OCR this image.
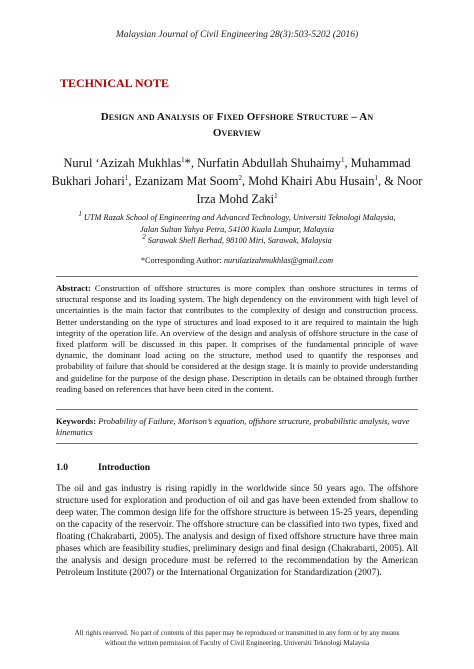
Malaysian Journal of Civil Engineering 28(3):503-5202 (2016)
TECHNICAL NOTE
Design and Analysis of Fixed Offshore Structure – An
Overview
Nurul ‘Azizah Mukhlas$^1$*, Nurfatin Abdullah Shuhaimy$^1$, Muhammad Bukhari Johari$^1$, Ezanizam Mat Soom$^2$, Mohd Khairi Abu Husain$^1$, & Noor Irza Mohd Zaki$^1$
$^1$ UTM Razak School of Engineering and Advanced Technology, Universiti Teknologi Malaysia,
Jalan Sultan Yahya Petra, 54100 Kuala Lumpur, Malaysia
$^2$ Sarawak Shell Berhad, 98100 Miri, Sarawak, Malaysia
*Corresponding Author: nurulazizahmukhlas@gmail.com

Abstract: Construction of offshore structures is more complex than onshore structures in terms of structural response and its loading system. The high dependency on the environment with high level of uncertainties is the main factor that contributes to the complexity of design and construction process. Better understanding on the type of structures and load exposed to it are required to maintain the high integrity of the operation life. An overview of the design and analysis of offshore structure in the case of fixed platform will be discussed in this paper. It comprises of the fundamental principle of wave dynamic, the dominant load acting on the structure, method used to quantify the responses and probability of failure that should be considered at the design stage. It is mainly to provide understanding and guideline for the purpose of the design phase. Description in details can be obtained through further reading based on references that have been cited in the content.

Keywords: Probability of Failure, Morison’s equation, offshore structure, probabilistic analysis, wave kinematics

1.0	Introduction

The oil and gas industry is rising rapidly in the worldwide since 50 years ago. The offshore structure used for exploration and production of oil and gas have been extended from shallow to deep water. The common design life for the offshore structure is between 15-25 years, depending on the capacity of the reservoir. The offshore structure can be classified into two types, fixed and floating (Chakrabarti, 2005). The analysis and design of fixed offshore structure have three main phases which are feasibility studies, preliminary design and final design (Chakrabarti, 2005). All the analysis and design procedure must be referred to the recommendation by the American Petroleum Institute (2007) or the International Organization for Standardization (2007).

All rights reserved. No part of contents of this paper may be reproduced or transmitted in any form or by any means
without the written permission of Faculty of Civil Engineering, Universiti Teknologi Malaysia
